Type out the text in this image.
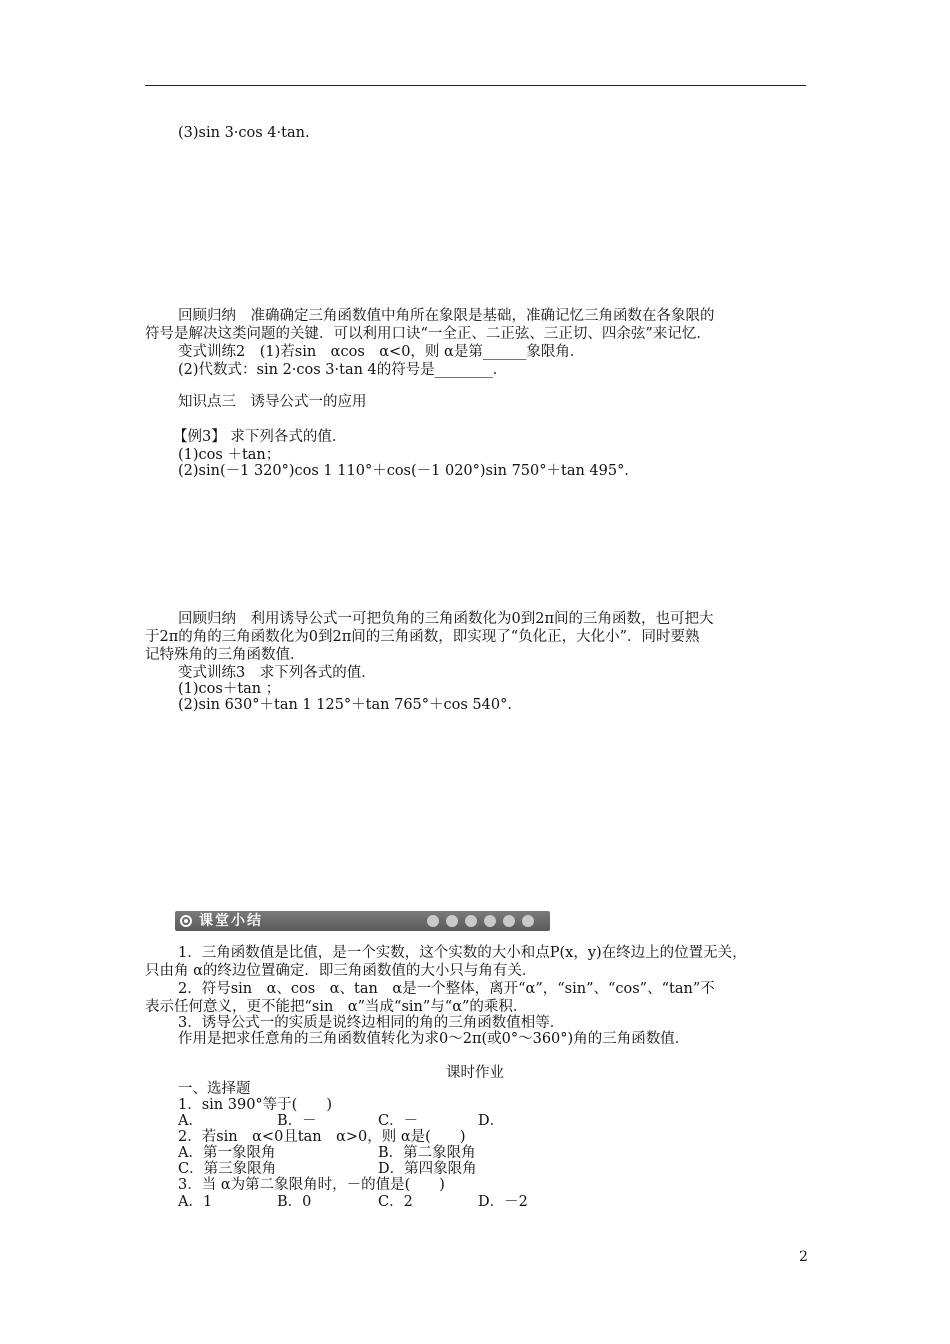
(3)sin 3·cos 4·tan.
回顾归纳　准确确定三角函数值中角所在象限是基础，准确记忆三角函数在各象限的
符号是解决这类问题的关键．可以利用口诀“一全正、二正弦、三正切、四余弦”来记忆．
变式训练2　(1)若sin　αcos　α<0，则 α是第______象限角．
(2)代数式：sin 2·cos 3·tan 4的符号是________．
知识点三　诱导公式一的应用
【例3】 求下列各式的值．
(1)cos ＋tan；
(2)sin(－1 320°)cos 1 110°＋cos(－1 020°)sin 750°＋tan 495°．
回顾归纳　利用诱导公式一可把负角的三角函数化为0到2π间的三角函数，也可把大
于2π的角的三角函数化为0到2π间的三角函数，即实现了“负化正，大化小”．同时要熟
记特殊角的三角函数值．
变式训练3　求下列各式的值．
(1)cos＋tan ；
(2)sin 630°＋tan 1 125°＋tan 765°＋cos 540°．
课堂小结
1．三角函数值是比值，是一个实数，这个实数的大小和点P(x，y)在终边上的位置无关，
只由角 α的终边位置确定．即三角函数值的大小只与角有关．
2．符号sin　α、cos　α、tan　α是一个整体，离开“α”，“sin”、“cos”、“tan”不
表示任何意义，更不能把“sin　α”当成“sin”与“α”的乘积．
3．诱导公式一的实质是说终边相同的角的三角函数值相等．
作用是把求任意角的三角函数值转化为求0～2π(或0°～360°)角的三角函数值．
课时作业
一、选择题
1．sin 390°等于(　　)
A．	B．－	C．－	D．
2．若sin　α<0且tan　α>0，则 α是(　　)
A．第一象限角	B．第二象限角
C．第三象限角	D．第四象限角
3．当 α为第二象限角时，－的值是(　　)
A．1	B．0	C．2	D．－2
2
